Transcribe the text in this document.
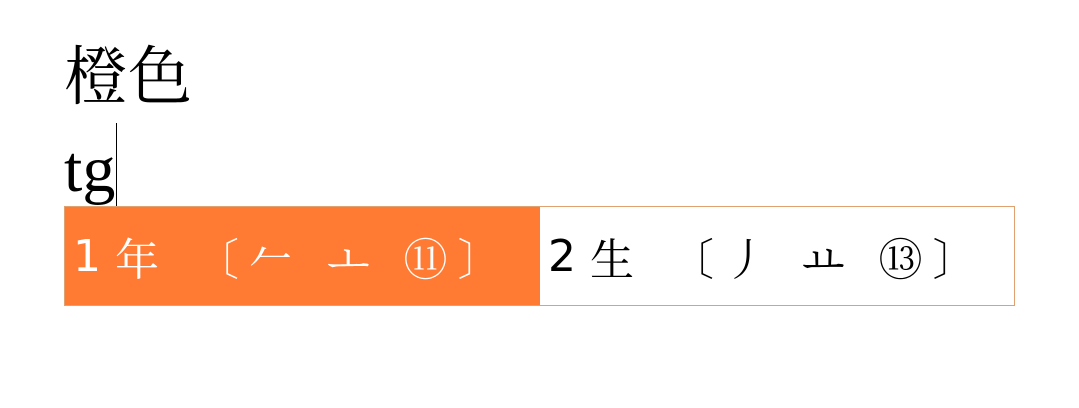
橙色
tg
1 年 〔𠂉 ㅗ ⑪〕 2 生 〔丿 ㅛ ⑬〕
